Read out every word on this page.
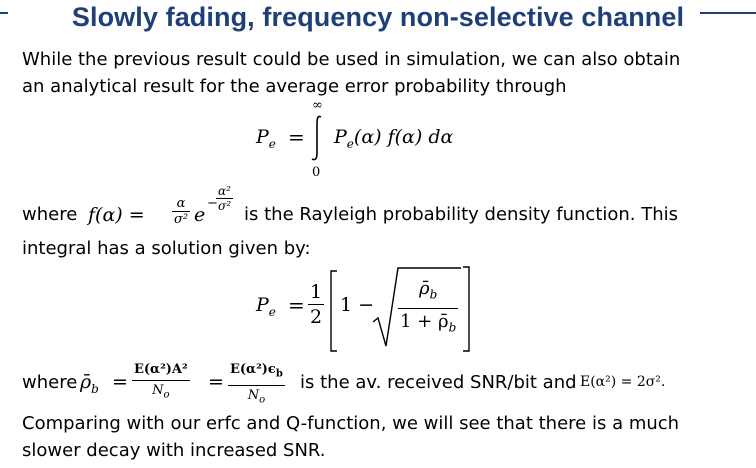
Slowly fading, frequency non-selective channel
While the previous result could be used in simulation, we can also obtain
an analytical result for the average error probability through
$P_e$ =
∞
0
$P_e(\alpha)$ f(α) dα
where $f(\alpha) = \frac{\alpha}{\text{σ²}}$ e
−
$\frac{\text{α²}}{\text{σ²}}$
is the Rayleigh probability density function. This
integral has a solution given by:
$P_e = \frac{1}{2} 1 - \frac{\rhō_b}{1 + \rhō_b}$
where $\rhō_b = \frac{\text{E(α²)A²}}{N_o} = \frac{E(\alpha^2)\epsilon_b}{N_o}$ is the av. received SNR/bit and E(α²) = 2σ².
Comparing with our erfc and Q-function, we will see that there is a much
slower decay with increased SNR.
